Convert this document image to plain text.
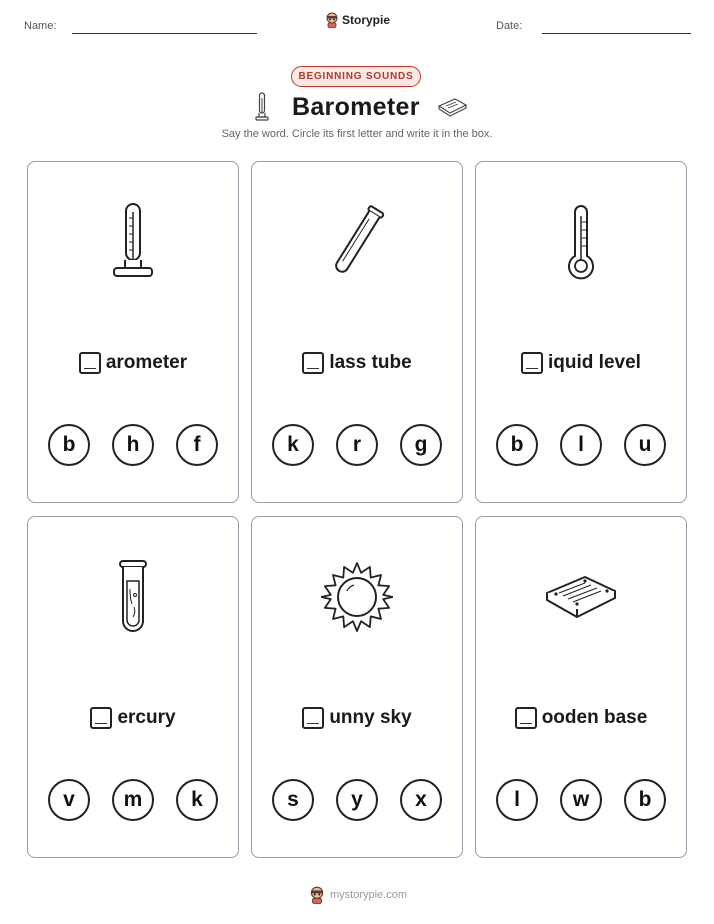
Name:	Storypie	Date:
BEGINNING SOUNDS
Barometer
Say the word. Circle its first letter and write it in the box.
arometer
b	h	f
lass tube
k	r	g
iquid level
b	l	u
ercury
v	m	k
unny sky
s	y	x
ooden base
l	w	b
mystorypie.com
